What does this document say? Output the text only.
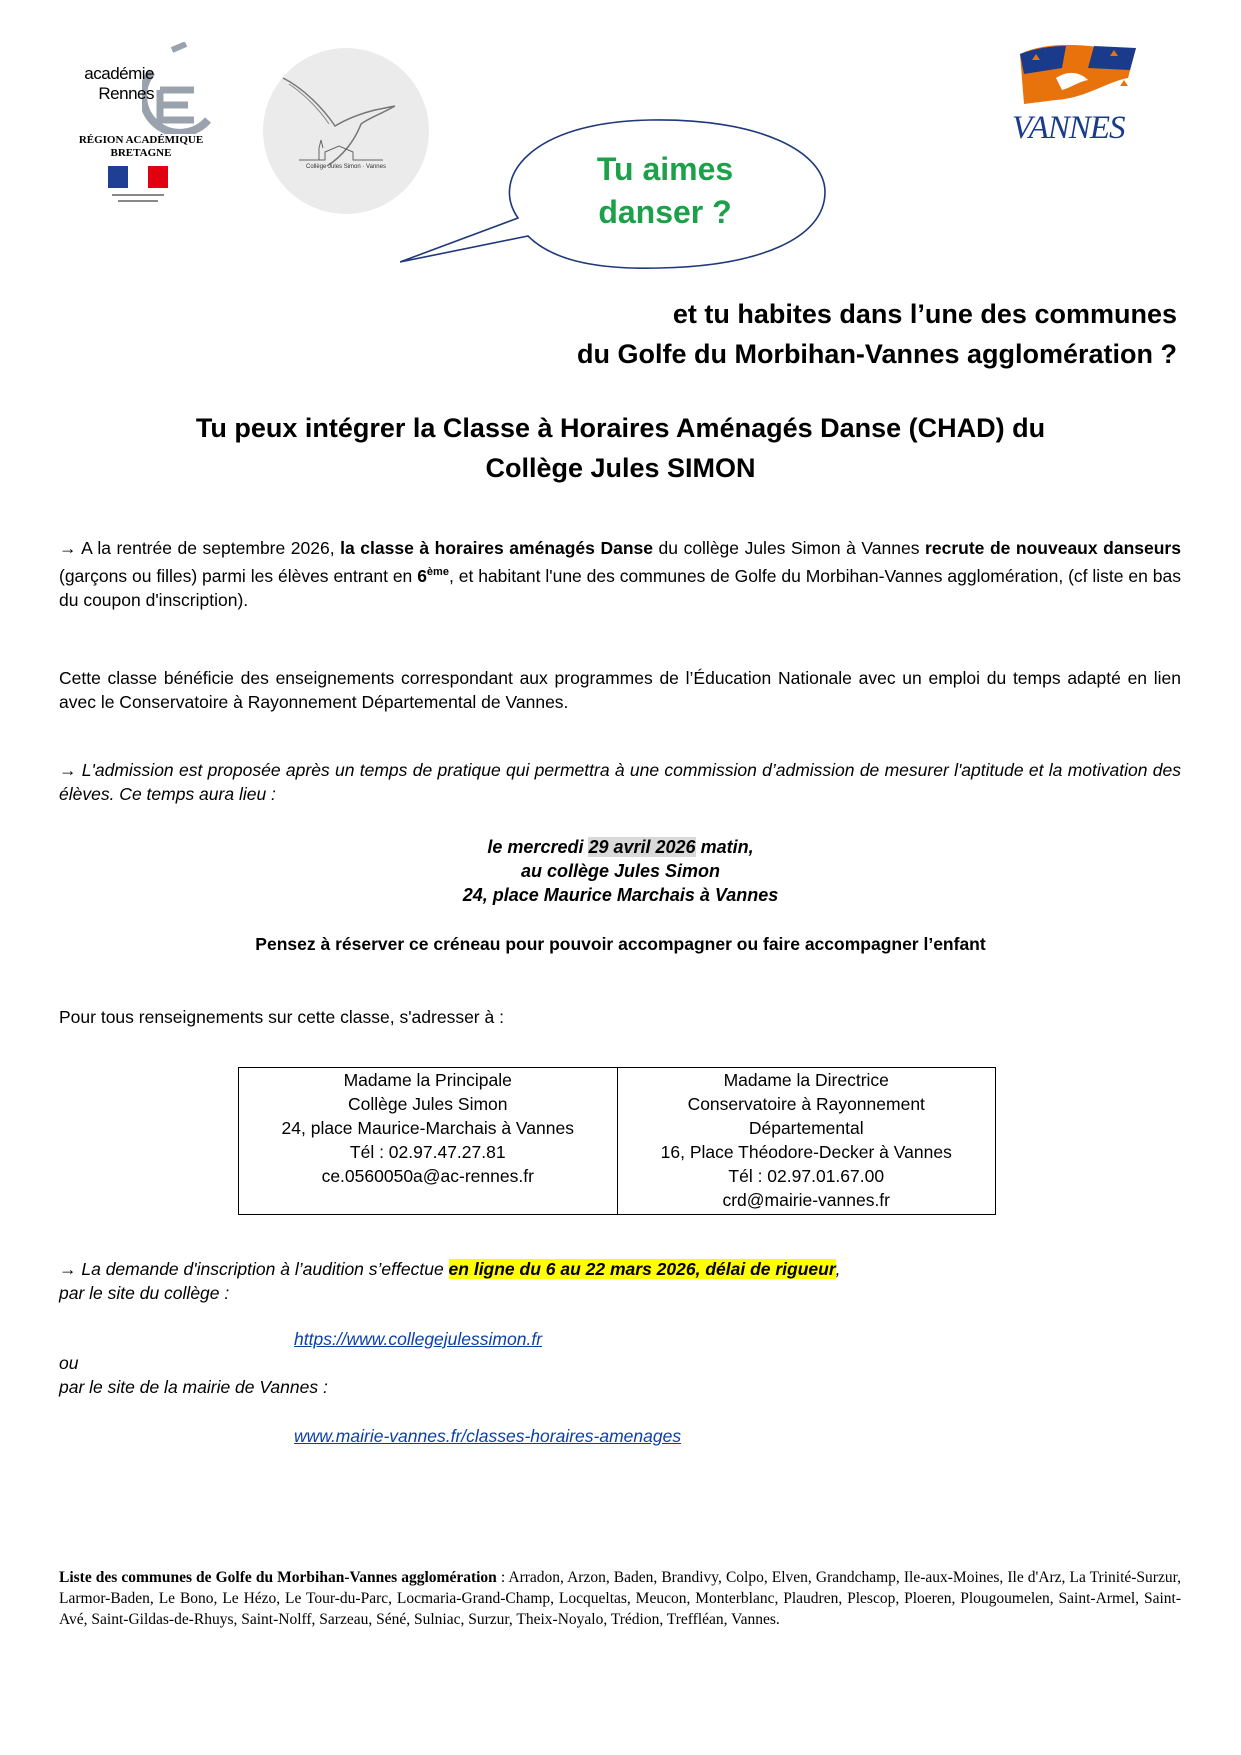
académie
Rennes
RÉGION ACADÉMIQUE
BRETAGNE
Collège Jules Simon · Vannes
VANNES
Tu aimes
danser ?
et tu habites dans l’une des communes
du Golfe du Morbihan-Vannes agglomération ?
Tu peux intégrer la Classe à Horaires Aménagés Danse (CHAD) du
Collège Jules SIMON
→ A la rentrée de septembre 2026, la classe à horaires aménagés Danse du collège Jules Simon à Vannes recrute de nouveaux danseurs (garçons ou filles) parmi les élèves entrant en 6ème, et habitant l'une des communes de Golfe du Morbihan-Vannes agglomération, (cf liste en bas du coupon d'inscription).
Cette classe bénéficie des enseignements correspondant aux programmes de l’Éducation Nationale avec un emploi du temps adapté en lien avec le Conservatoire à Rayonnement Départemental de Vannes.
→ L'admission est proposée après un temps de pratique qui permettra à une commission d’admission de mesurer l'aptitude et la motivation des élèves. Ce temps aura lieu :
le mercredi 29 avril 2026 matin,
au collège Jules Simon
24, place Maurice Marchais à Vannes
Pensez à réserver ce créneau pour pouvoir accompagner ou faire accompagner l’enfant
Pour tous renseignements sur cette classe, s'adresser à :
Madame la Principale
Collège Jules Simon
24, place Maurice-Marchais à Vannes
Tél : 02.97.47.27.81
ce.0560050a@ac-rennes.fr

Madame la Directrice
Conservatoire à Rayonnement
Départemental
16, Place Théodore-Decker à Vannes
Tél : 02.97.01.67.00
crd@mairie-vannes.fr
→ La demande d'inscription à l’audition s’effectue en ligne du 6 au 22 mars 2026, délai de rigueur,
par le site du collège :
https://www.collegejulessimon.fr
ou
par le site de la mairie de Vannes :
www.mairie-vannes.fr/classes-horaires-amenages
Liste des communes de Golfe du Morbihan-Vannes agglomération : Arradon, Arzon, Baden, Brandivy, Colpo, Elven, Grandchamp, Ile-aux-Moines, Ile d'Arz, La Trinité-Surzur, Larmor-Baden, Le Bono, Le Hézo, Le Tour-du-Parc, Locmaria-Grand-Champ, Locqueltas, Meucon, Monterblanc, Plaudren, Plescop, Ploeren, Plougoumelen, Saint-Armel, Saint-Avé, Saint-Gildas-de-Rhuys, Saint-Nolff, Sarzeau, Séné, Sulniac, Surzur, Theix-Noyalo, Trédion, Treffléan, Vannes.
